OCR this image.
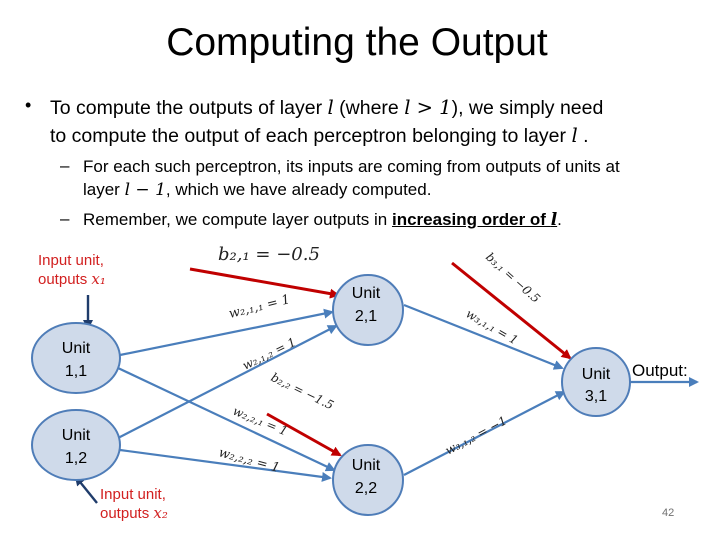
Computing the Output
• To compute the outputs of layer l (where l > 1), we simply need
to compute the output of each perceptron belonging to layer l .
– For each such perceptron, its inputs are coming from outputs of units at
layer l − 1, which we have already computed.
– Remember, we compute layer outputs in increasing order of l.
Unit
1,1
Unit
1,2
Unit
2,1
Unit
2,2
Unit
3,1
Output:
b₂,₁ = −0.5
w₂,₁,₁ = 1
w₂,₁,₂ = 1
b₂,₂ = −1.5
w₂,₂,₁ = 1
w₂,₂,₂ = 1
b₃,₁ = −0.5
w₃,₁,₁ = 1
w₃,₁,₂ = −1
Input unit,
outputs x₁
Input unit,
outputs x₂	42
